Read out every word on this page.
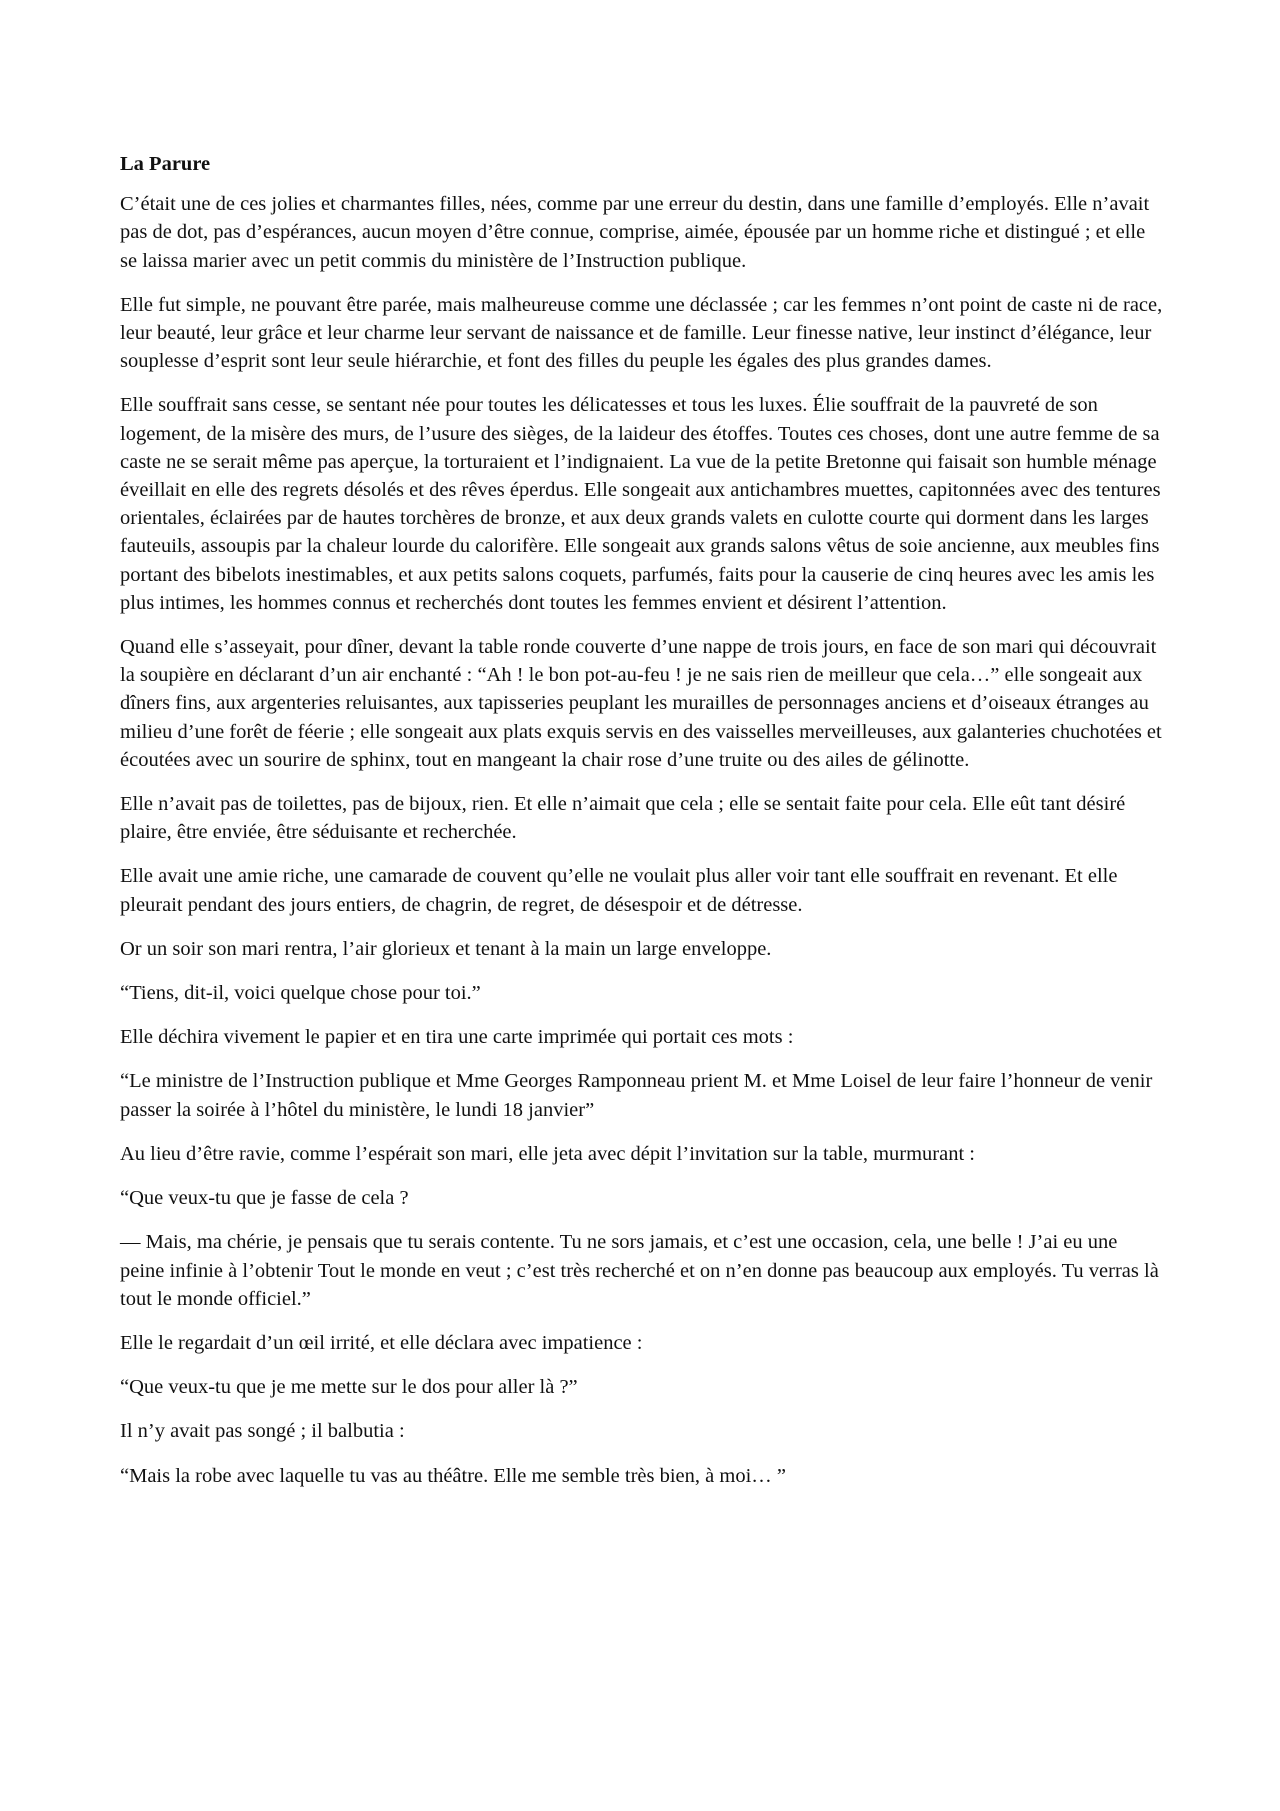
La Parure

C’était une de ces jolies et charmantes filles, nées, comme par une erreur du destin, dans une famille d’employés. Elle n’avait pas de dot, pas d’espérances, aucun moyen d’être connue, comprise, aimée, épousée par un homme riche et distingué ; et elle se laissa marier avec un petit commis du ministère de l’Instruction publique.

Elle fut simple, ne pouvant être parée, mais malheureuse comme une déclassée ; car les femmes n’ont point de caste ni de race, leur beauté, leur grâce et leur charme leur servant de naissance et de famille. Leur finesse native, leur instinct d’élégance, leur souplesse d’esprit sont leur seule hiérarchie, et font des filles du peuple les égales des plus grandes dames.

Elle souffrait sans cesse, se sentant née pour toutes les délicatesses et tous les luxes. Élie souffrait de la pauvreté de son logement, de la misère des murs, de l’usure des sièges, de la laideur des étoffes. Toutes ces choses, dont une autre femme de sa caste ne se serait même pas aperçue, la torturaient et l’indignaient. La vue de la petite Bretonne qui faisait son humble ménage éveillait en elle des regrets désolés et des rêves éperdus. Elle songeait aux antichambres muettes, capitonnées avec des tentures orientales, éclairées par de hautes torchères de bronze, et aux deux grands valets en culotte courte qui dorment dans les larges fauteuils, assoupis par la chaleur lourde du calorifère. Elle songeait aux grands salons vêtus de soie ancienne, aux meubles fins portant des bibelots inestimables, et aux petits salons coquets, parfumés, faits pour la causerie de cinq heures avec les amis les plus intimes, les hommes connus et recherchés dont toutes les femmes envient et désirent l’attention.

Quand elle s’asseyait, pour dîner, devant la table ronde couverte d’une nappe de trois jours, en face de son mari qui découvrait la soupière en déclarant d’un air enchanté : “Ah ! le bon pot-au-feu ! je ne sais rien de meilleur que cela…” elle songeait aux dîners fins, aux argenteries reluisantes, aux tapisseries peuplant les murailles de personnages anciens et d’oiseaux étranges au milieu d’une forêt de féerie ; elle songeait aux plats exquis servis en des vaisselles merveilleuses, aux galanteries chuchotées et écoutées avec un sourire de sphinx, tout en mangeant la chair rose d’une truite ou des ailes de gélinotte.

Elle n’avait pas de toilettes, pas de bijoux, rien. Et elle n’aimait que cela ; elle se sentait faite pour cela. Elle eût tant désiré plaire, être enviée, être séduisante et recherchée.

Elle avait une amie riche, une camarade de couvent qu’elle ne voulait plus aller voir tant elle souffrait en revenant. Et elle pleurait pendant des jours entiers, de chagrin, de regret, de désespoir et de détresse.

Or un soir son mari rentra, l’air glorieux et tenant à la main un large enveloppe.

“Tiens, dit-il, voici quelque chose pour toi.”

Elle déchira vivement le papier et en tira une carte imprimée qui portait ces mots :

“Le ministre de l’Instruction publique et Mme Georges Ramponneau prient M. et Mme Loisel de leur faire l’honneur de venir passer la soirée à l’hôtel du ministère, le lundi 18 janvier”

Au lieu d’être ravie, comme l’espérait son mari, elle jeta avec dépit l’invitation sur la table, murmurant :

“Que veux-tu que je fasse de cela ?

— Mais, ma chérie, je pensais que tu serais contente. Tu ne sors jamais, et c’est une occasion, cela, une belle ! J’ai eu une peine infinie à l’obtenir Tout le monde en veut ; c’est très recherché et on n’en donne pas beaucoup aux employés. Tu verras là tout le monde officiel.”

Elle le regardait d’un œil irrité, et elle déclara avec impatience :

“Que veux-tu que je me mette sur le dos pour aller là ?”

Il n’y avait pas songé ; il balbutia :

“Mais la robe avec laquelle tu vas au théâtre. Elle me semble très bien, à moi… ”
